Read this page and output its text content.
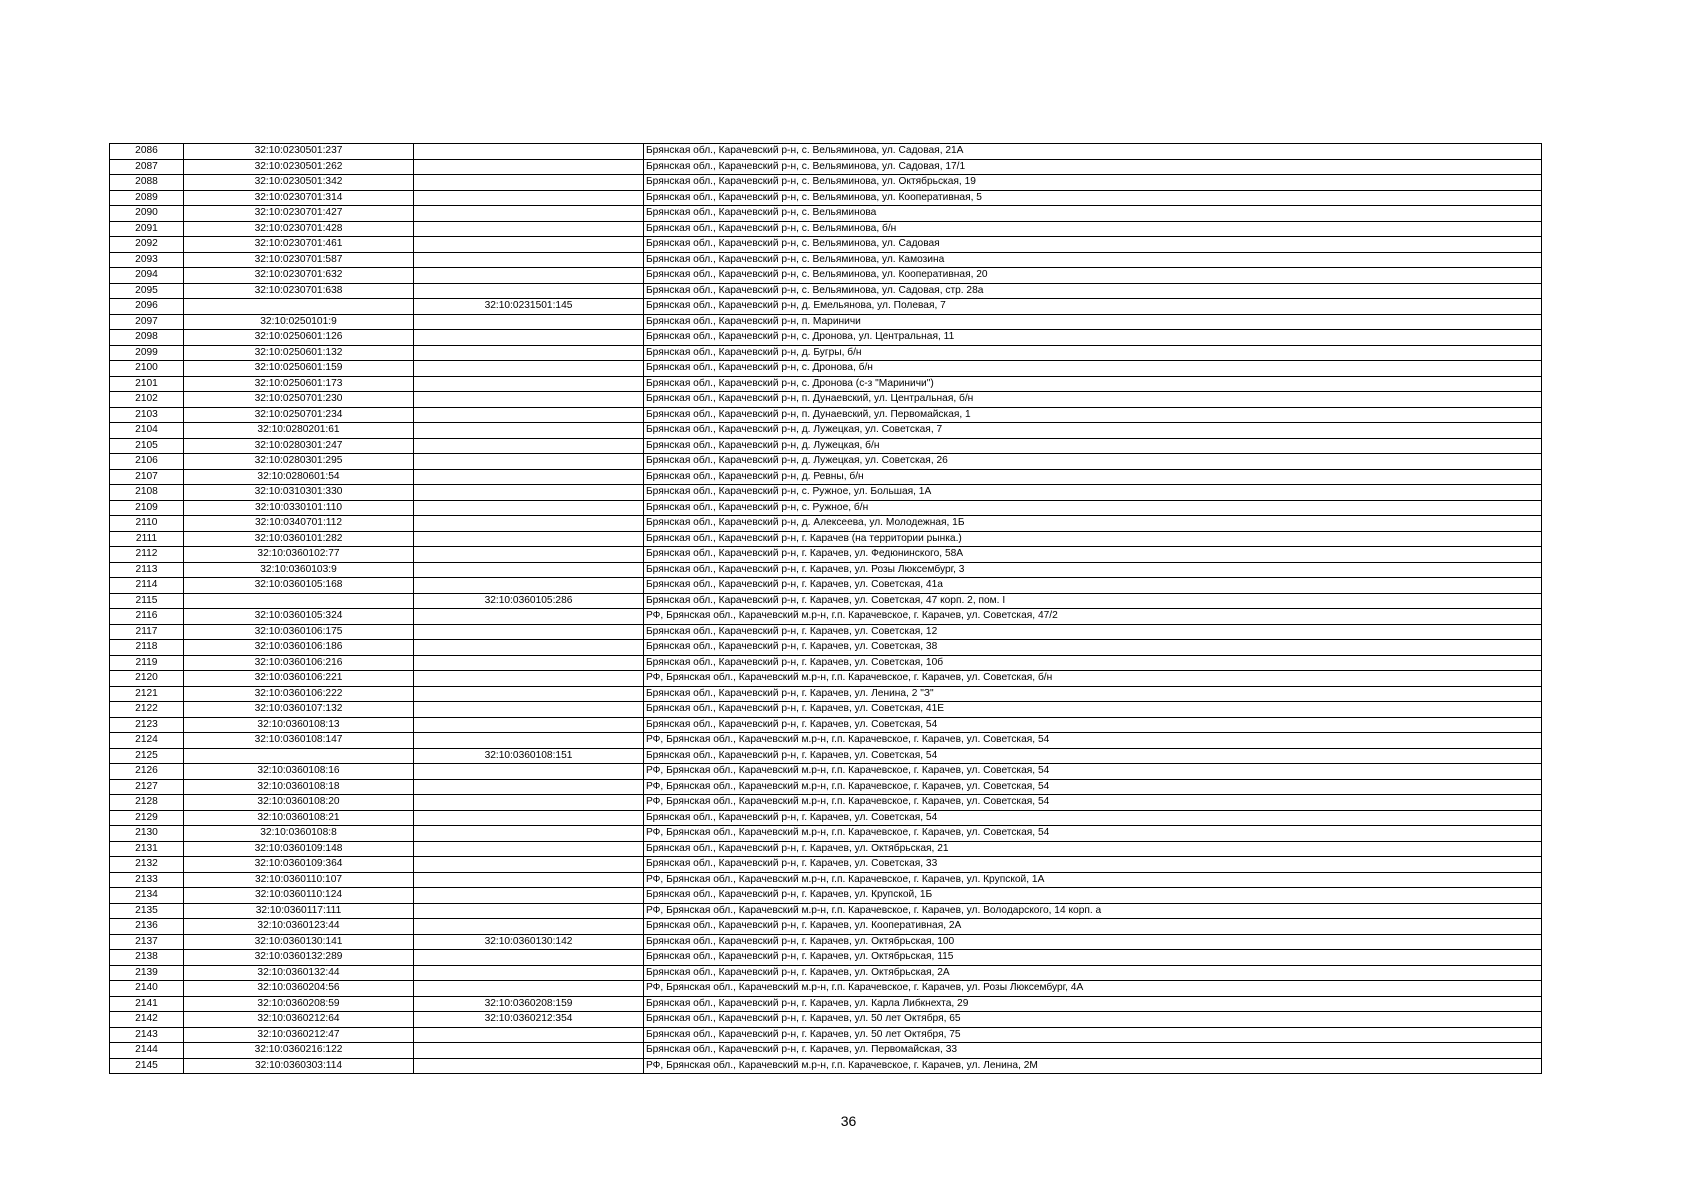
2086	32:10:0230501:237		Брянская обл., Карачевский р-н, с. Вельяминова, ул. Садовая, 21А
2087	32:10:0230501:262		Брянская обл., Карачевский р-н, с. Вельяминова, ул. Садовая, 17/1
2088	32:10:0230501:342		Брянская обл., Карачевский р-н, с. Вельяминова, ул. Октябрьская, 19
2089	32:10:0230701:314		Брянская обл., Карачевский р-н, с. Вельяминова, ул. Кооперативная, 5
2090	32:10:0230701:427		Брянская обл., Карачевский р-н, с. Вельяминова
2091	32:10:0230701:428		Брянская обл., Карачевский р-н, с. Вельяминова, б/н
2092	32:10:0230701:461		Брянская обл., Карачевский р-н, с. Вельяминова, ул. Садовая
2093	32:10:0230701:587		Брянская обл., Карачевский р-н, с. Вельяминова, ул. Камозина
2094	32:10:0230701:632		Брянская обл., Карачевский р-н, с. Вельяминова, ул. Кооперативная, 20
2095	32:10:0230701:638		Брянская обл., Карачевский р-н, с. Вельяминова, ул. Садовая, стр. 28а
2096		32:10:0231501:145	Брянская обл., Карачевский р-н, д. Емельянова, ул. Полевая, 7
2097	32:10:0250101:9		Брянская обл., Карачевский р-н, п. Мариничи
2098	32:10:0250601:126		Брянская обл., Карачевский р-н, с. Дронова, ул. Центральная, 11
2099	32:10:0250601:132		Брянская обл., Карачевский р-н, д. Бугры, б/н
2100	32:10:0250601:159		Брянская обл., Карачевский р-н, с. Дронова, б/н
2101	32:10:0250601:173		Брянская обл., Карачевский р-н, с. Дронова (с-з "Мариничи")
2102	32:10:0250701:230		Брянская обл., Карачевский р-н, п. Дунаевский, ул. Центральная, б/н
2103	32:10:0250701:234		Брянская обл., Карачевский р-н, п. Дунаевский, ул. Первомайская, 1
2104	32:10:0280201:61		Брянская обл., Карачевский р-н, д. Лужецкая, ул. Советская, 7
2105	32:10:0280301:247		Брянская обл., Карачевский р-н, д. Лужецкая, б/н
2106	32:10:0280301:295		Брянская обл., Карачевский р-н, д. Лужецкая, ул. Советская, 26
2107	32:10:0280601:54		Брянская обл., Карачевский р-н, д. Ревны, б/н
2108	32:10:0310301:330		Брянская обл., Карачевский р-н, с. Ружное, ул. Большая, 1А
2109	32:10:0330101:110		Брянская обл., Карачевский р-н, с. Ружное, б/н
2110	32:10:0340701:112		Брянская обл., Карачевский р-н, д. Алексеева, ул. Молодежная, 1Б
2111	32:10:0360101:282		Брянская обл., Карачевский р-н, г. Карачев (на территории рынка.)
2112	32:10:0360102:77		Брянская обл., Карачевский р-н, г. Карачев, ул. Федюнинского, 58А
2113	32:10:0360103:9		Брянская обл., Карачевский р-н, г. Карачев, ул. Розы Люксембург, 3
2114	32:10:0360105:168		Брянская обл., Карачевский р-н, г. Карачев, ул. Советская, 41а
2115		32:10:0360105:286	Брянская обл., Карачевский р-н, г. Карачев, ул. Советская, 47 корп. 2, пом. I
2116	32:10:0360105:324		РФ, Брянская обл., Карачевский м.р-н, г.п. Карачевское, г. Карачев, ул. Советская, 47/2
2117	32:10:0360106:175		Брянская обл., Карачевский р-н, г. Карачев, ул. Советская, 12
2118	32:10:0360106:186		Брянская обл., Карачевский р-н, г. Карачев, ул. Советская, 38
2119	32:10:0360106:216		Брянская обл., Карачевский р-н, г. Карачев, ул. Советская, 10б
2120	32:10:0360106:221		РФ, Брянская обл., Карачевский м.р-н, г.п. Карачевское, г. Карачев, ул. Советская, б/н
2121	32:10:0360106:222		Брянская обл., Карачевский р-н, г. Карачев, ул. Ленина, 2 "З"
2122	32:10:0360107:132		Брянская обл., Карачевский р-н, г. Карачев, ул. Советская, 41Е
2123	32:10:0360108:13		Брянская обл., Карачевский р-н, г. Карачев, ул. Советская, 54
2124	32:10:0360108:147		РФ, Брянская обл., Карачевский м.р-н, г.п. Карачевское, г. Карачев, ул. Советская, 54
2125		32:10:0360108:151	Брянская обл., Карачевский р-н, г. Карачев, ул. Советская, 54
2126	32:10:0360108:16		РФ, Брянская обл., Карачевский м.р-н, г.п. Карачевское, г. Карачев, ул. Советская, 54
2127	32:10:0360108:18		РФ, Брянская обл., Карачевский м.р-н, г.п. Карачевское, г. Карачев, ул. Советская, 54
2128	32:10:0360108:20		РФ, Брянская обл., Карачевский м.р-н, г.п. Карачевское, г. Карачев, ул. Советская, 54
2129	32:10:0360108:21		Брянская обл., Карачевский р-н, г. Карачев, ул. Советская, 54
2130	32:10:0360108:8		РФ, Брянская обл., Карачевский м.р-н, г.п. Карачевское, г. Карачев, ул. Советская, 54
2131	32:10:0360109:148		Брянская обл., Карачевский р-н, г. Карачев, ул. Октябрьская, 21
2132	32:10:0360109:364		Брянская обл., Карачевский р-н, г. Карачев, ул. Советская, 33
2133	32:10:0360110:107		РФ, Брянская обл., Карачевский м.р-н, г.п. Карачевское, г. Карачев, ул. Крупской, 1А
2134	32:10:0360110:124		Брянская обл., Карачевский р-н, г. Карачев, ул. Крупской, 1Б
2135	32:10:0360117:111		РФ, Брянская обл., Карачевский м.р-н, г.п. Карачевское, г. Карачев, ул. Володарского, 14 корп. а
2136	32:10:0360123:44		Брянская обл., Карачевский р-н, г. Карачев, ул. Кооперативная, 2А
2137	32:10:0360130:141	32:10:0360130:142	Брянская обл., Карачевский р-н, г. Карачев, ул. Октябрьская, 100
2138	32:10:0360132:289		Брянская обл., Карачевский р-н, г. Карачев, ул. Октябрьская, 115
2139	32:10:0360132:44		Брянская обл., Карачевский р-н, г. Карачев, ул. Октябрьская, 2А
2140	32:10:0360204:56		РФ, Брянская обл., Карачевский м.р-н, г.п. Карачевское, г. Карачев, ул. Розы Люксембург, 4А
2141	32:10:0360208:59	32:10:0360208:159	Брянская обл., Карачевский р-н, г. Карачев, ул. Карла Либкнехта, 29
2142	32:10:0360212:64	32:10:0360212:354	Брянская обл., Карачевский р-н, г. Карачев, ул. 50 лет Октября, 65
2143	32:10:0360212:47		Брянская обл., Карачевский р-н, г. Карачев, ул. 50 лет Октября, 75
2144	32:10:0360216:122		Брянская обл., Карачевский р-н, г. Карачев, ул. Первомайская, 33
2145	32:10:0360303:114		РФ, Брянская обл., Карачевский м.р-н, г.п. Карачевское, г. Карачев, ул. Ленина, 2М
36
